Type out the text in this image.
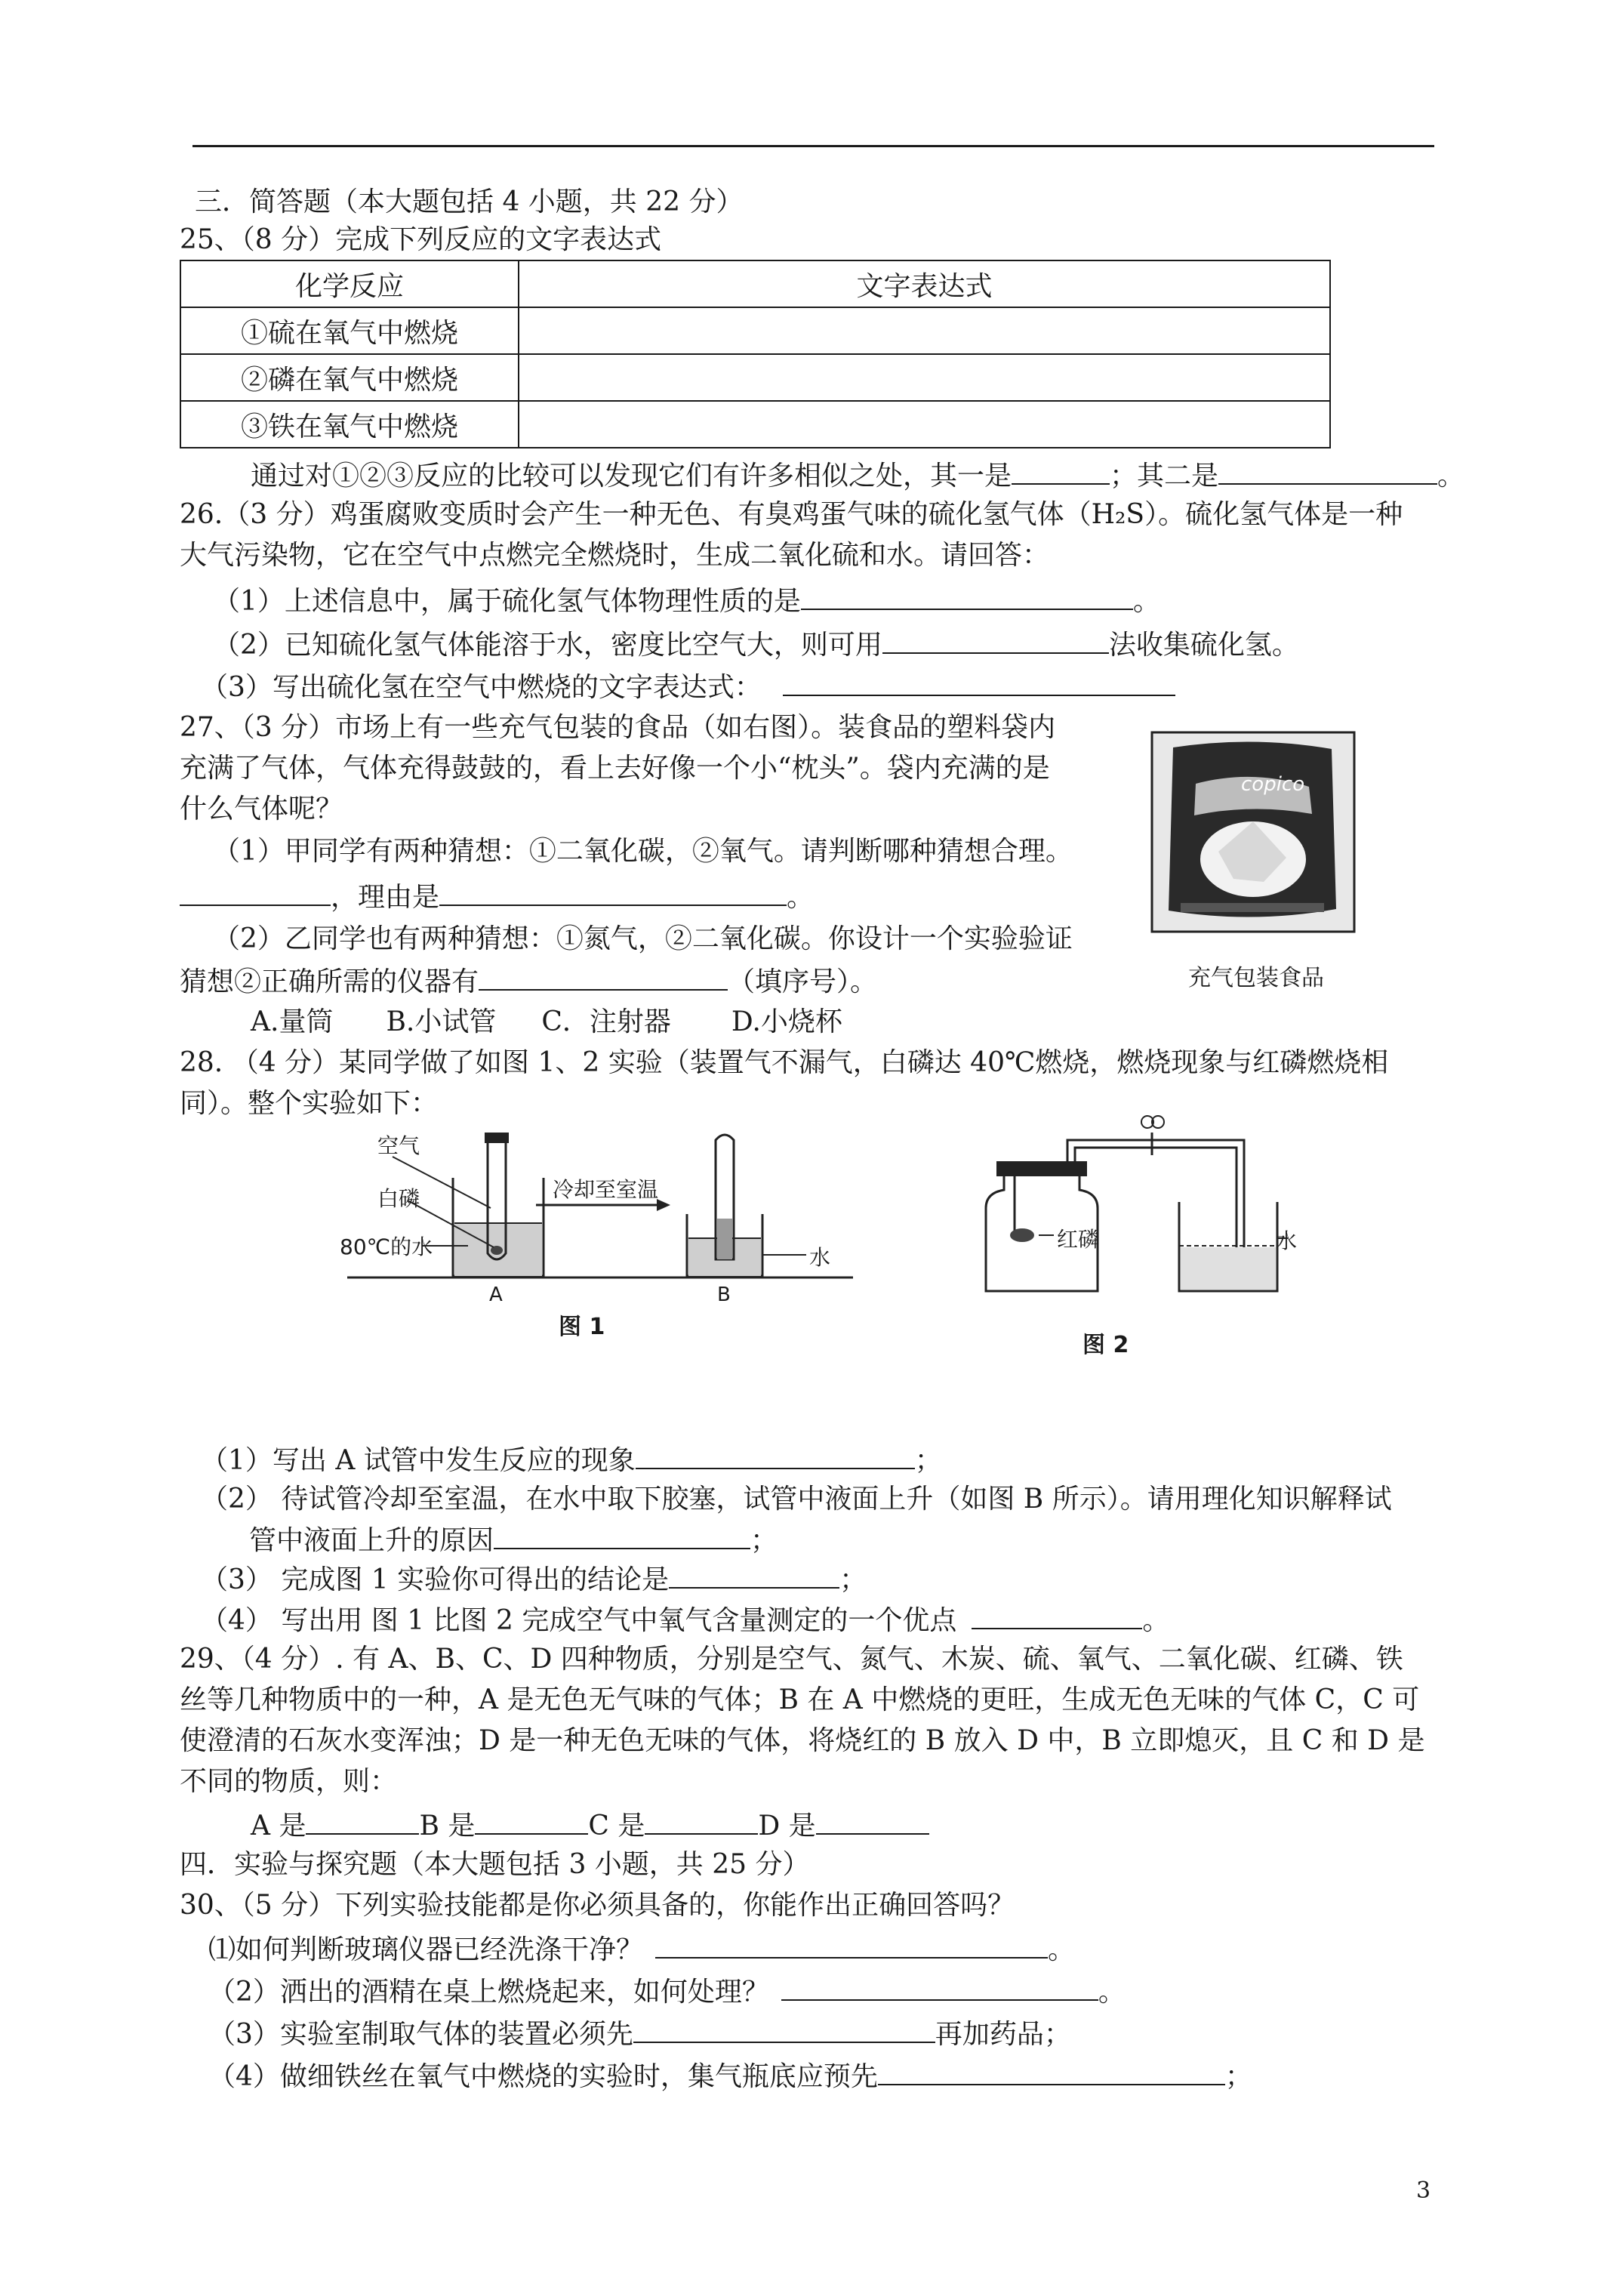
三．简答题（本大题包括 4 小题，共 22 分）
25、（8 分）完成下列反应的文字表达式
化学反应	文字表达式
①硫在氧气中燃烧	
②磷在氧气中燃烧	
③铁在氧气中燃烧	
通过对①②③反应的比较可以发现它们有许多相似之处，其一是	；其二是	。
26.（3 分）鸡蛋腐败变质时会产生一种无色、有臭鸡蛋气味的硫化氢气体（H₂S）。硫化氢气体是一种
大气污染物，它在空气中点燃完全燃烧时，生成二氧化硫和水。请回答：
（1）上述信息中，属于硫化氢气体物理性质的是	。
（2）已知硫化氢气体能溶于水，密度比空气大，则可用	法收集硫化氢。
（3）写出硫化氢在空气中燃烧的文字表达式：
27、（3 分）市场上有一些充气包装的食品（如右图）。装食品的塑料袋内
充满了气体，气体充得鼓鼓的，看上去好像一个小“枕头”。袋内充满的是
什么气体呢？
（1）甲同学有两种猜想：①二氧化碳，②氧气。请判断哪种猜想合理。
，理由是	。
（2）乙同学也有两种猜想：①氮气，②二氧化碳。你设计一个实验验证
猜想②正确所需的仪器有	（填序号）。
A.量筒 B.小试管 C．注射器 D.小烧杯
copico
充气包装食品
28. （4 分）某同学做了如图 1、2 实验（装置气不漏气，白磷达 40℃燃烧，燃烧现象与红磷燃烧相
同）。整个实验如下：
空气
白磷
80℃的水
冷却至室温
水
A	B
图 1
红磷	水
图 2
（1）写出 A 试管中发生反应的现象	；
（2） 待试管冷却至室温，在水中取下胶塞，试管中液面上升（如图 B 所示）。请用理化知识解释试
管中液面上升的原因	；
（3） 完成图 1 实验你可得出的结论是	；
（4） 写出用 图 1 比图 2 完成空气中氧气含量测定的一个优点	。
29、（4 分）. 有 A、B、C、D 四种物质，分别是空气、氮气、木炭、硫、氧气、二氧化碳、红磷、铁
丝等几种物质中的一种，A 是无色无气味的气体；B 在 A 中燃烧的更旺，生成无色无味的气体 C，C 可
使澄清的石灰水变浑浊；D 是一种无色无味的气体，将烧红的 B 放入 D 中，B 立即熄灭，且 C 和 D 是
不同的物质，则：
A 是	B 是	C 是	D 是
四．实验与探究题（本大题包括 3 小题，共 25 分）
30、（5 分）下列实验技能都是你必须具备的，你能作出正确回答吗？
⑴如何判断玻璃仪器已经洗涤干净？	。
（2）洒出的酒精在桌上燃烧起来，如何处理？	。
（3）实验室制取气体的装置必须先	再加药品；
（4）做细铁丝在氧气中燃烧的实验时，集气瓶底应预先	；
3
